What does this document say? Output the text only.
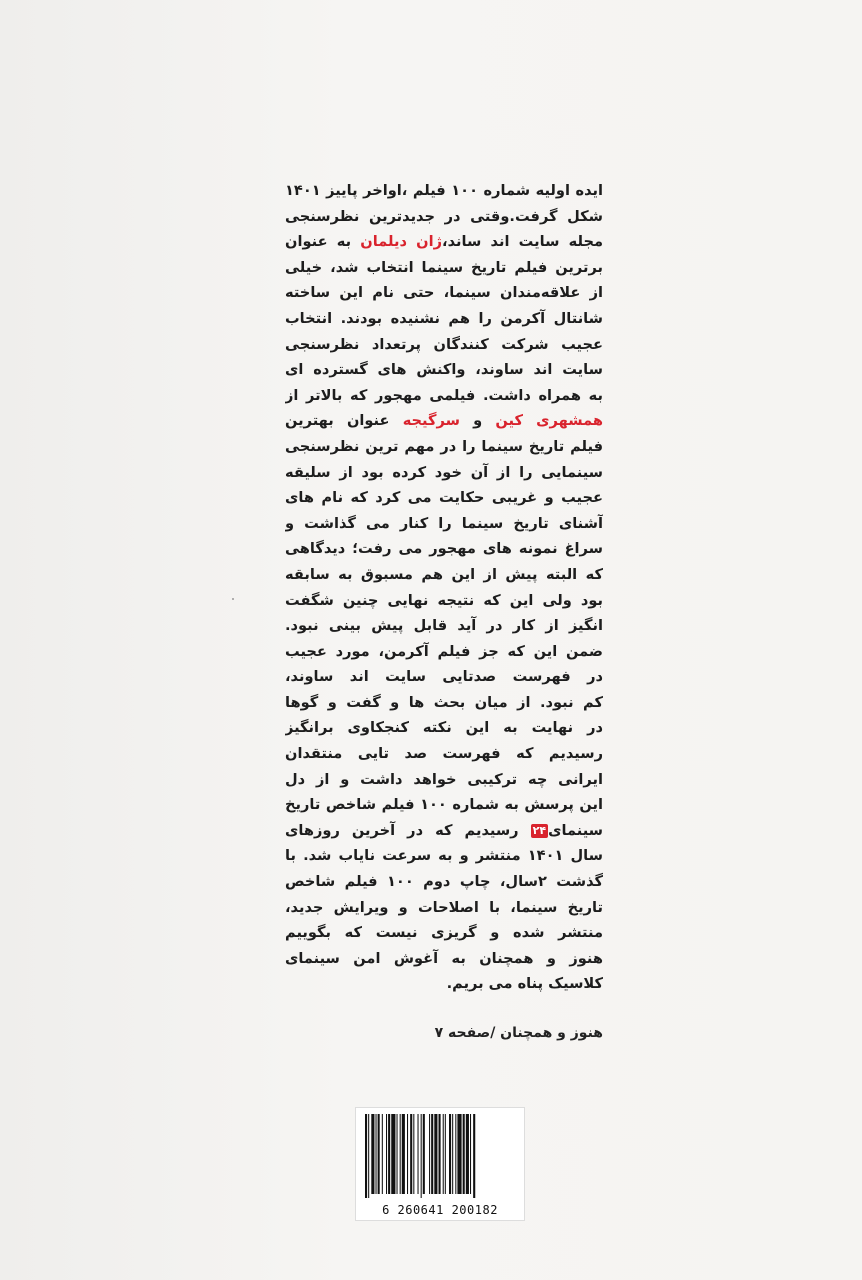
ایده اولیه شماره ۱۰۰ فیلم ،اواخر پاییز ۱۴۰۱
شکل گرفت.وقتی در جدیدترین نظرسنجی
مجله سایت اند ساند،ژان دیلمان به عنوان
برترین فیلم تاریخ سینما انتخاب شد، خیلی
از علاقه‌مندان سینما، حتی نام این ساخته
شانتال آکرمن را هم نشنیده بودند. انتخاب
عجیب شرکت کنندگان پرتعداد نظرسنجی
سایت اند ساوند، واکنش های گسترده ای
به همراه داشت. فیلمی مهجور که بالاتر از
همشهری کین و سرگیجه عنوان بهترین
فیلم تاریخ سینما را در مهم ترین نظرسنجی
سینمایی را از آن خود کرده بود از سلیقه
عجیب و غریبی حکایت می کرد که نام های
آشنای تاریخ سینما را کنار می گذاشت و
سراغ نمونه های مهجور می رفت؛ دیدگاهی
که البته پیش از این هم مسبوق به سابقه
بود ولی این که نتیجه نهایی چنین شگفت
انگیز از کار در آید قابل پیش بینی نبود.
ضمن این که جز فیلم آکرمن، مورد عجیب
در فهرست صدتایی سایت اند ساوند،
کم نبود. از میان بحث ها و گفت و گوها
در نهایت به این نکته کنجکاوی برانگیز
رسیدیم که فهرست صد تایی منتقدان
ایرانی چه ترکیبی خواهد داشت و از دل
این پرسش به شماره ۱۰۰ فیلم شاخص تاریخ
سینمای۲۴ رسیدیم که در آخرین روزهای
سال ۱۴۰۱ منتشر و به سرعت نایاب شد. با
گذشت ۲سال، چاپ دوم ۱۰۰ فیلم شاخص
تاریخ سینما، با اصلاحات و ویرایش جدید،
منتشر شده و گریزی نیست که بگوییم
هنوز و همچنان به آغوش امن سینمای
کلاسیک پناه می بریم.
هنوز و همچنان /صفحه ۷
6 260641 200182
